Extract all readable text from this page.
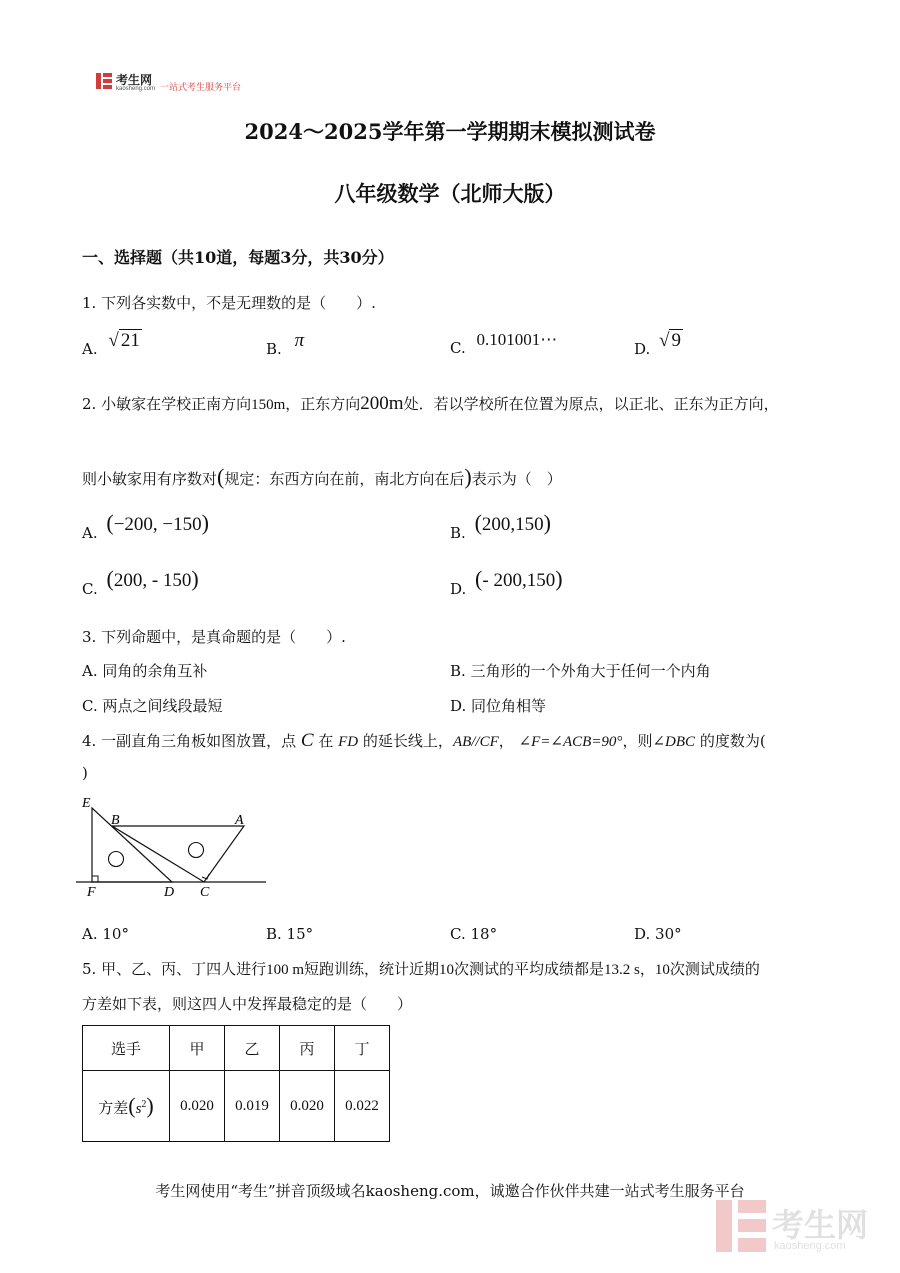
考生网
kaosheng.com 一站式考生服务平台
2024～2025学年第一学期期末模拟测试卷
八年级数学（北师大版）
一、选择题（共10道，每题3分，共30分）
1. 下列各实数中，不是无理数的是（　　）.
A. √ 21	B. π	C. 0.101001⋯	D. √ 9
2. 小敏家在学校正南方向150m，正东方向200m处．若以学校所在位置为原点，以正北、正东为正方向，
则小敏家用有序数对(规定：东西方向在前，南北方向在后)表示为（　）
A. (−200, −150)	B. (200,150)
C. (200, - 150)	D. (- 200,150)
3. 下列命题中，是真命题的是（　　）.
A. 同角的余角互补	B. 三角形的一个外角大于任何一个内角
C. 两点之间线段最短	D. 同位角相等
4. 一副直角三角板如图放置，点 C 在 FD 的延长线上，AB//CF， ∠F=∠ACB=90°，则∠DBC 的度数为(
)
E
B	A
F	D C
A. 10°	B. 15°	C. 18°	D. 30°
5. 甲、乙、丙、丁四人进行100 m短跑训练，统计近期10次测试的平均成绩都是13.2 s，10次测试成绩的
方差如下表，则这四人中发挥最稳定的是（　　）
选手	甲	乙	丙	丁
方差$(s^2)$	0.020	0.019	0.020	0.022
考生网使用“考生”拼音顶级域名kaosheng.com，诚邀合作伙伴共建一站式考生服务平台
考生网
kaosheng.com
